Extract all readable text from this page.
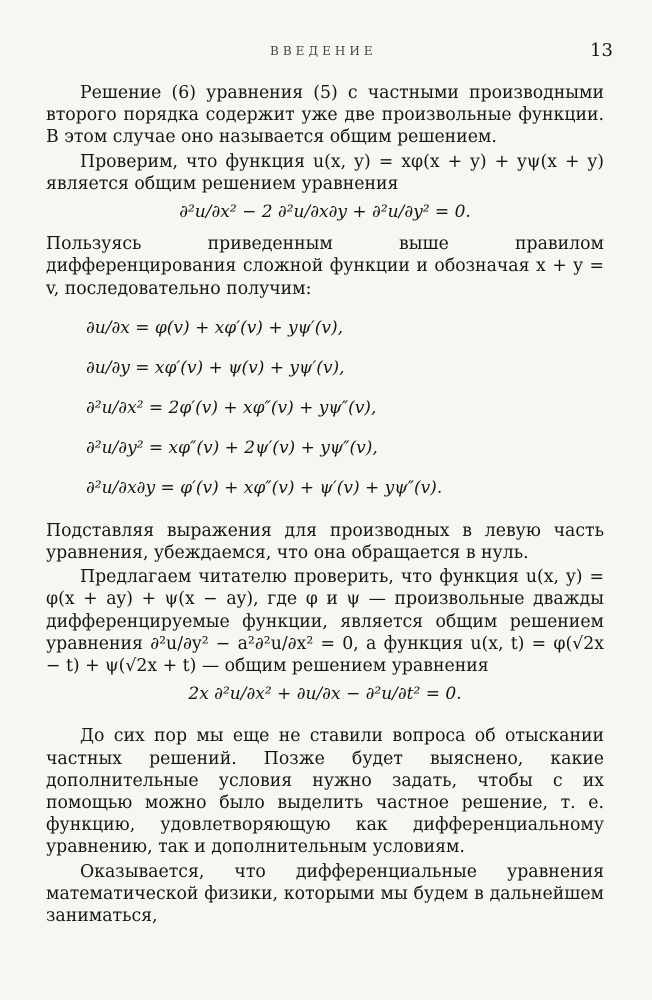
ВВЕДЕНИЕ	13

Решение (6) уравнения (5) с частными производными второго порядка содержит уже две произвольные функции. В этом случае оно называется общим решением.

Проверим, что функция u(x, y) = xφ(x + y) + yψ(x + y) является общим решением уравнения

∂²u/∂x² − 2 ∂²u/∂x∂y + ∂²u/∂y² = 0.

Пользуясь приведенным выше правилом дифференцирования сложной функции и обозначая x + y = v, последовательно получим:

∂u/∂x = φ(v) + xφ′(v) + yψ′(v),
∂u/∂y = xφ′(v) + ψ(v) + yψ′(v),
∂²u/∂x² = 2φ′(v) + xφ″(v) + yψ″(v),
∂²u/∂y² = xφ″(v) + 2ψ′(v) + yψ″(v),
∂²u/∂x∂y = φ′(v) + xφ″(v) + ψ′(v) + yψ″(v).

Подставляя выражения для производных в левую часть уравнения, убеждаемся, что она обращается в нуль.

Предлагаем читателю проверить, что функция u(x, y) = φ(x + ay) + ψ(x − ay), где φ и ψ — произвольные дважды дифференцируемые функции, является общим решением уравнения ∂²u/∂y² − a²∂²u/∂x² = 0, а функция u(x, t) = φ(√2x − t) + ψ(√2x + t) — общим решением уравнения

2x ∂²u/∂x² + ∂u/∂x − ∂²u/∂t² = 0.

До сих пор мы еще не ставили вопроса об отыскании частных решений. Позже будет выяснено, какие дополнительные условия нужно задать, чтобы с их помощью можно было выделить частное решение, т. е. функцию, удовлетворяющую как дифференциальному уравнению, так и дополнительным условиям.

Оказывается, что дифференциальные уравнения математической физики, которыми мы будем в дальнейшем заниматься,
